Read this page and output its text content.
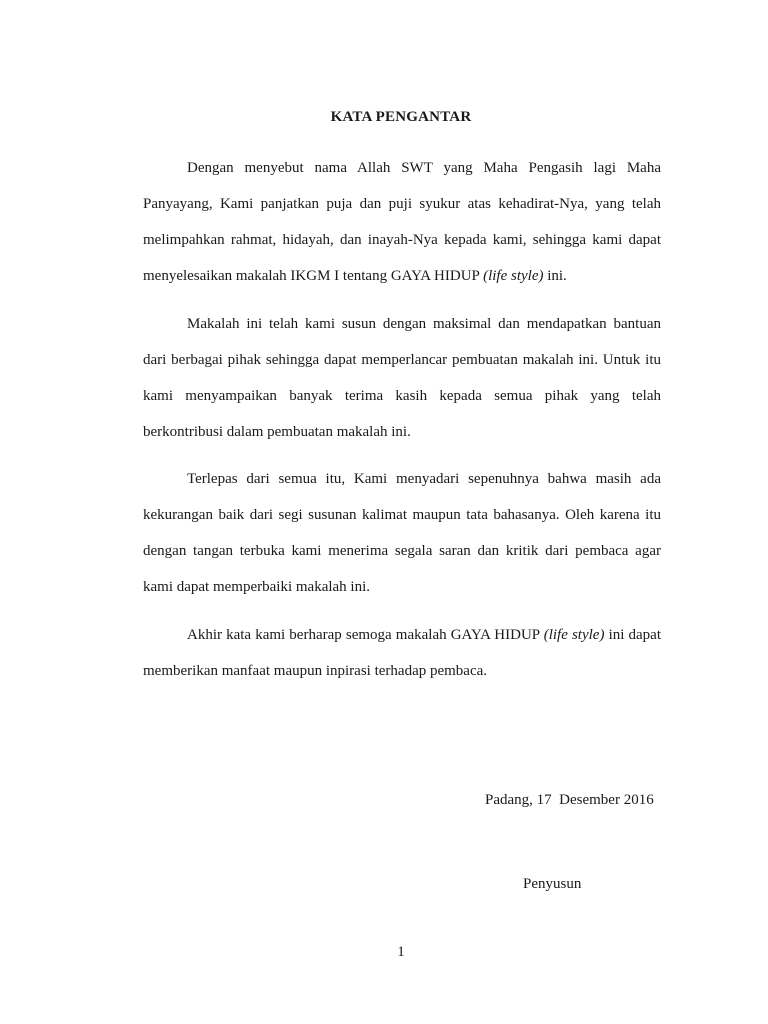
KATA PENGANTAR
Dengan menyebut nama Allah SWT yang Maha Pengasih lagi Maha
Panyayang, Kami panjatkan puja dan puji syukur atas kehadirat-Nya, yang telah
melimpahkan rahmat, hidayah, dan inayah-Nya kepada kami, sehingga kami dapat
menyelesaikan makalah IKGM I tentang GAYA HIDUP (life style) ini.
Makalah ini telah kami susun dengan maksimal dan mendapatkan bantuan
dari berbagai pihak sehingga dapat memperlancar pembuatan makalah ini. Untuk itu
kami menyampaikan banyak terima kasih kepada semua pihak yang telah
berkontribusi dalam pembuatan makalah ini.
Terlepas dari semua itu, Kami menyadari sepenuhnya bahwa masih ada
kekurangan baik dari segi susunan kalimat maupun tata bahasanya. Oleh karena itu
dengan tangan terbuka kami menerima segala saran dan kritik dari pembaca agar
kami dapat memperbaiki makalah ini.
Akhir kata kami berharap semoga makalah GAYA HIDUP (life style) ini dapat
memberikan manfaat maupun inpirasi terhadap pembaca.
Padang, 17  Desember 2016
Penyusun
1
